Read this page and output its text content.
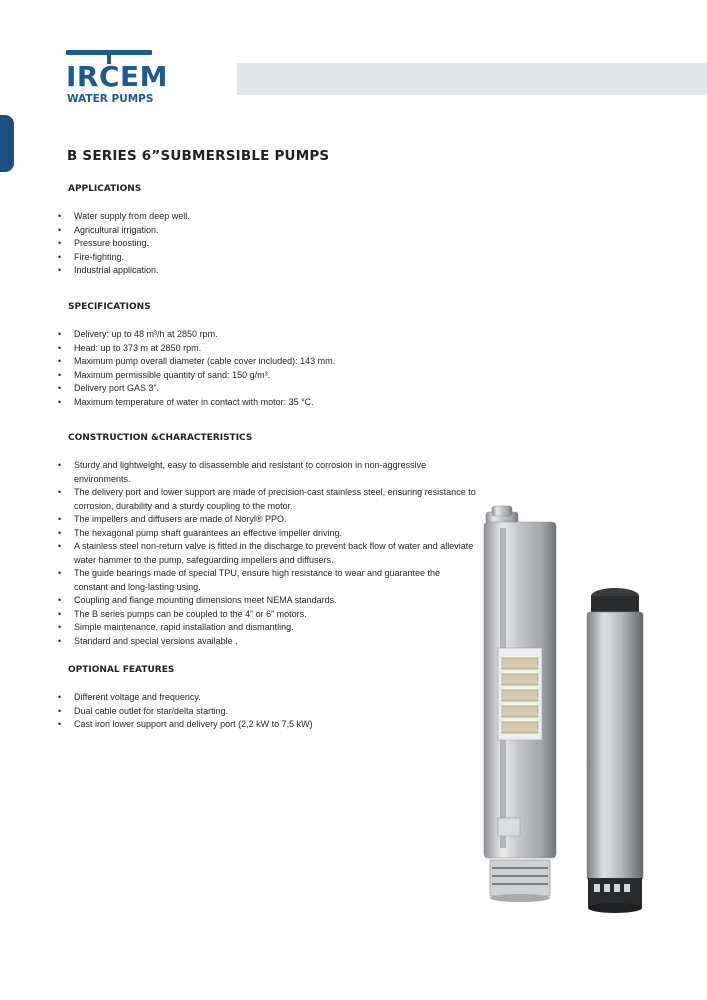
IRCEM
WATER PUMPS
B SERIES 6”SUBMERSIBLE PUMPS
APPLICATIONS
• Water supply from deep well.
• Agricultural irrigation.
• Pressure boosting.
• Fire-fighting.
• Industrial application.
SPECIFICATIONS
• Delivery: up to 48 m³/h at 2850 rpm.
• Head: up to 373 m at 2850 rpm.
• Maximum pump overall diameter (cable cover included): 143 mm.
• Maximum permissible quantity of sand: 150 g/m³.
• Delivery port GAS 3”.
• Maximum temperature of water in contact with motor: 35 °C.
CONSTRUCTION &CHARACTERISTICS
• Sturdy and lightweight, easy to disassemble and resistant to corrosion in non-aggressive environments.
• The delivery port and lower support are made of precision-cast stainless steel, ensuring resistance to corrosion, durability and a sturdy coupling to the motor.
• The impellers and diffusers are made of Noryl® PPO.
• The hexagonal pump shaft guarantees an effective impeller driving.
• A stainless steel non-return valve is fitted in the discharge to prevent back flow of water and alleviate water hammer to the pump, safeguarding impellers and diffusers.
• The guide bearings made of special TPU, ensure high resistance to wear and guarantee the constant and long-lasting using.
• Coupling and flange mounting dimensions meet NEMA standards.
• The B series pumps can be coupled to the 4” or 6” motors.
• Simple maintenance, rapid installation and dismantling.
• Standard and special versions available .
OPTIONAL FEATURES
• Different voltage and frequency.
• Dual cable outlet for star/delta starting.
• Cast iron lower support and delivery port (2,2 kW to 7,5 kW)
